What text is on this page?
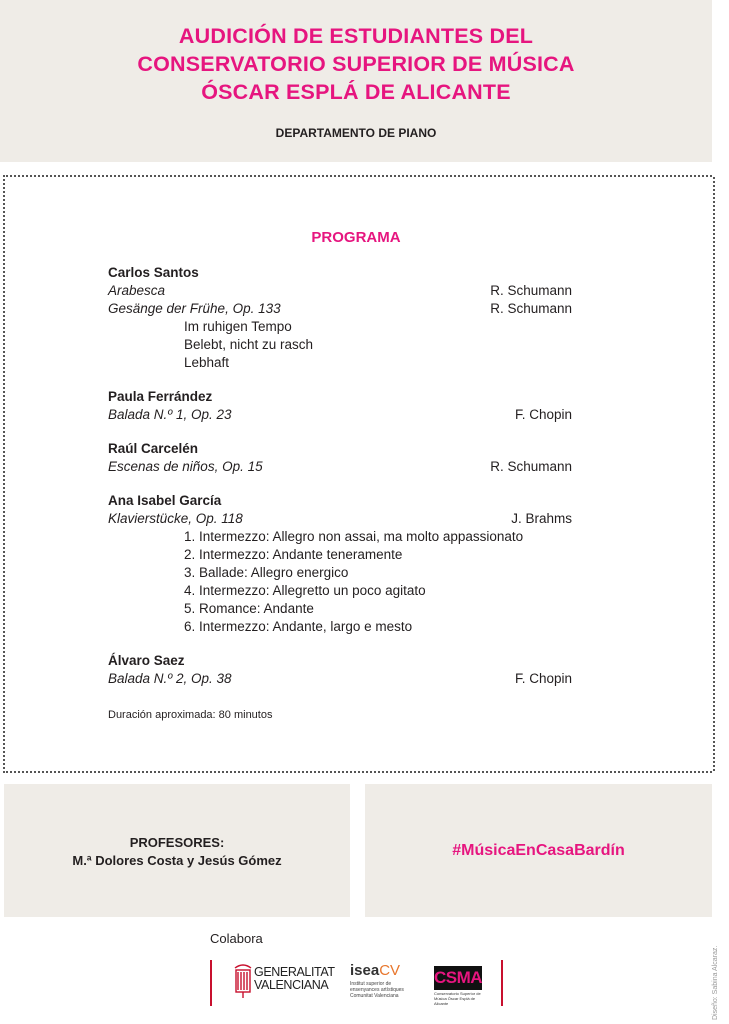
AUDICIÓN DE ESTUDIANTES DEL
CONSERVATORIO SUPERIOR DE MÚSICA
ÓSCAR ESPLÁ DE ALICANTE
DEPARTAMENTO DE PIANO
PROGRAMA
Carlos Santos
Arabesca	R. Schumann
Gesänge der Frühe, Op. 133	R. Schumann
Im ruhigen Tempo
Belebt, nicht zu rasch
Lebhaft
Paula Ferrández
Balada N.º 1, Op. 23	F. Chopin
Raúl Carcelén
Escenas de niños, Op. 15	R. Schumann
Ana Isabel García
Klavierstücke, Op. 118	J. Brahms
1. Intermezzo: Allegro non assai, ma molto appassionato
2. Intermezzo: Andante teneramente
3. Ballade: Allegro energico
4. Intermezzo: Allegretto un poco agitato
5. Romance: Andante
6. Intermezzo: Andante, largo e mesto
Álvaro Saez
Balada N.º 2, Op. 38	F. Chopin
Duración aproximada: 80 minutos
PROFESORES:
M.ª Dolores Costa y Jesús Gómez
#MúsicaEnCasaBardín
Colabora
GENERALITAT
VALENCIANA
iseaCV
Institut superior de ensenyances artístiques Comunitat Valenciana
CSMA
Conservatorio Superior de Música Óscar Esplá de Alicante	Diseño: Sabina Alcaraz.
